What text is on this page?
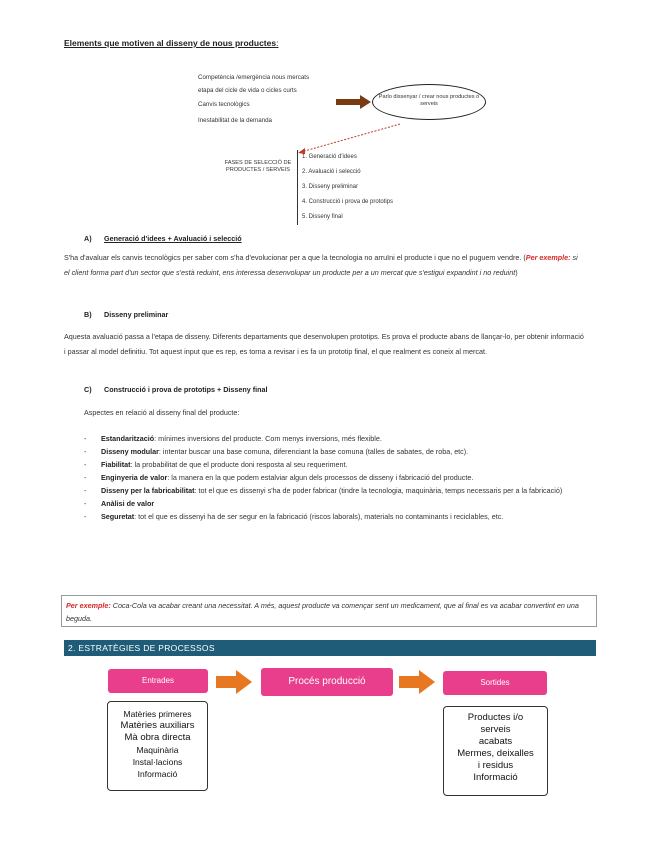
Elements que motiven al disseny de nous productes:
Competència /emergència nous mercats
etapa del cicle de vida o cicles curts
Canvis tecnològics
Inestabilitat de la demanda
Parlo dissenyar / crear nous productes o serveis
FASES DE SELECCIÓ DE PRODUCTES / SERVEIS
1. Generació d'idees
2. Avaluació i selecció
3. Disseny preliminar
4. Construcció i prova de prototips
5. Disseny final
A) Generació d'idees + Avaluació i selecció
S'ha d'avaluar els canvis tecnològics per saber com s'ha d'evolucionar per a que la tecnologia no arruïni el producte i que no el puguem vendre. (Per exemple: si el client forma part d'un sector que s'està reduint, ens interessa desenvolupar un producte per a un mercat que s'estigui expandint i no reduint)
B) Disseny preliminar
Aquesta avaluació passa a l'etapa de disseny. Diferents departaments que desenvolupen prototips. Es prova el producte abans de llançar-lo, per obtenir informació i passar al model definitiu. Tot aquest input que es rep, es torna a revisar i es fa un prototip final, el que realment es coneix al mercat.
C) Construcció i prova de prototips + Disseny final
Aspectes en relació al disseny final del producte:
- Estandarització: mínimes inversions del producte. Com menys inversions, més flexible.
- Disseny modular: intentar buscar una base comuna, diferenciant la base comuna (talles de sabates, de roba, etc).
- Fiabilitat: la probabilitat de que el producte doni resposta al seu requeriment.
- Enginyeria de valor: la manera en la que podem estalviar algun dels processos de disseny i fabricació del producte.
- Disseny per la fabricabilitat: tot el que es dissenyi s'ha de poder fabricar (tindre la tecnologia, maquinària, temps necessaris per a la fabricació)
- Anàlisi de valor
- Seguretat: tot el que es dissenyi ha de ser segur en la fabricació (riscos laborals), materials no contaminants i reciclables, etc.
Per exemple: Coca-Cola va acabar creant una necessitat. A més, aquest producte va començar sent un medicament, que al final es va acabar convertint en una beguda.
2. ESTRATÈGIES DE PROCESSOS
Entrades	Procés producció	Sortides
Matèries primeres
Matèries auxiliars
Mà obra directa
Maquinària
Instal·lacions
Informació
Productes i/o
serveis
acabats
Mermes, deixalles
i residus
Informació
